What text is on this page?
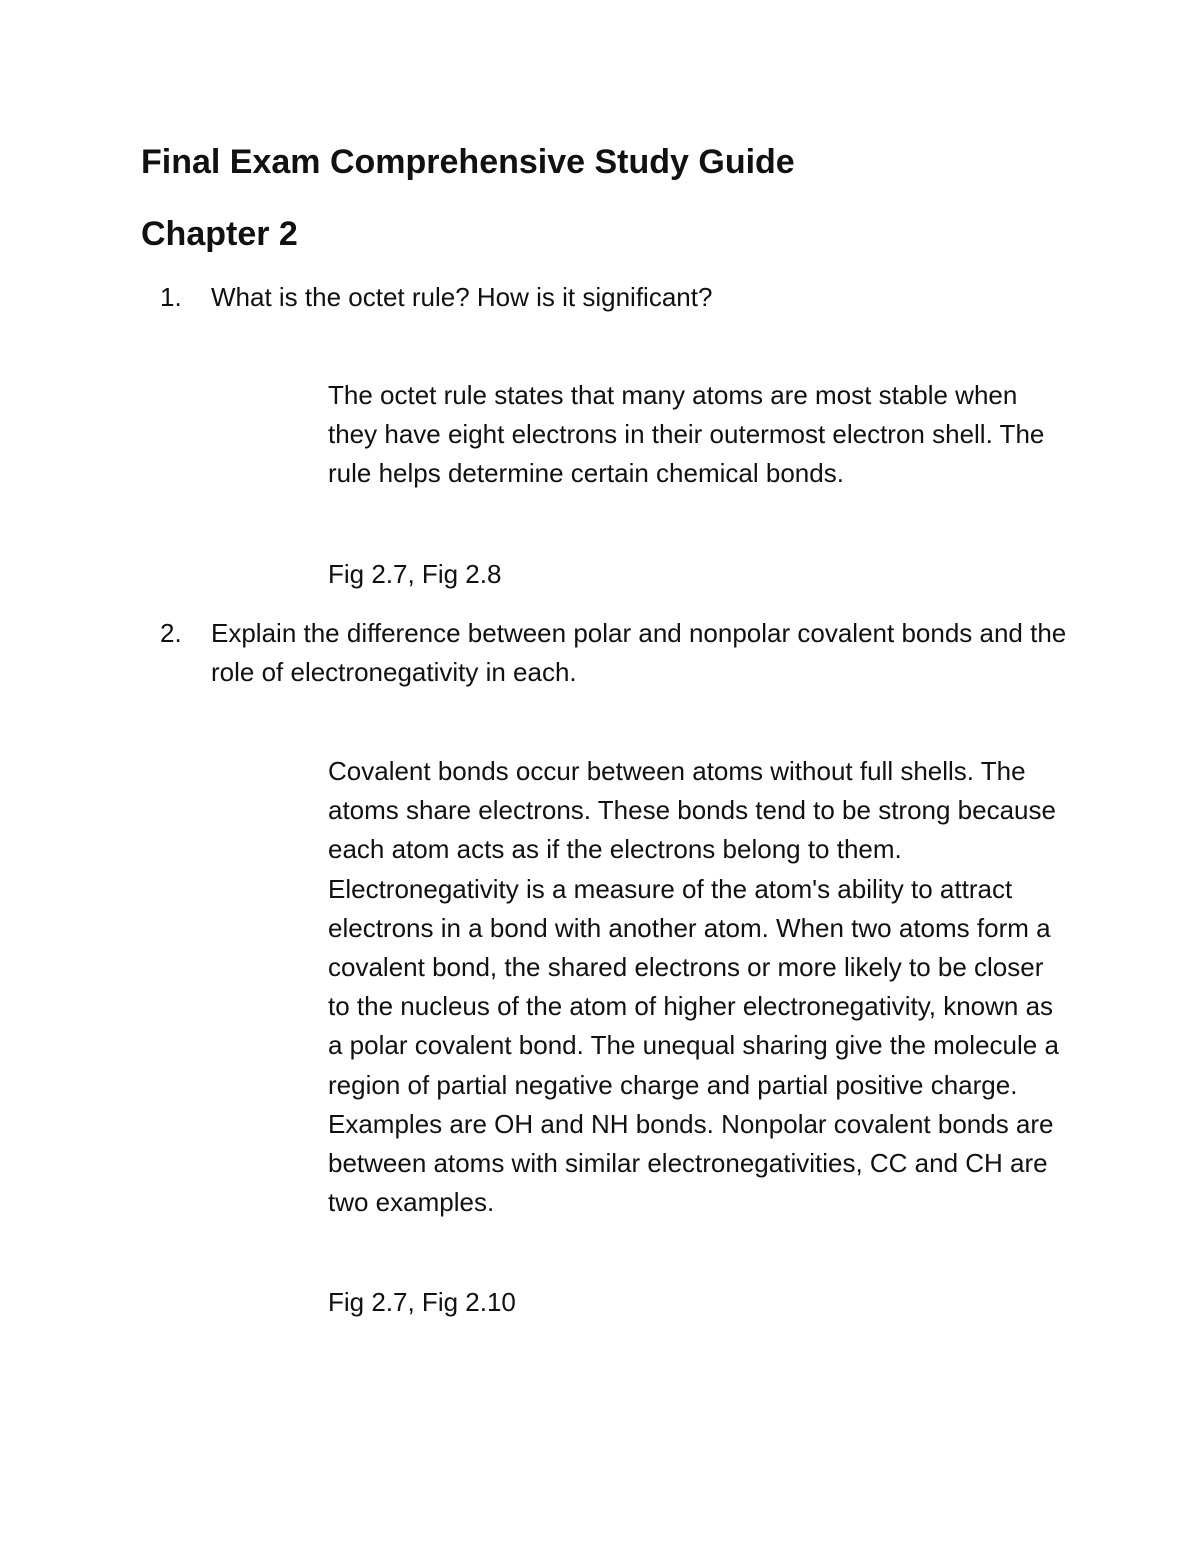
Final Exam Comprehensive Study Guide
Chapter 2

1. What is the octet rule? How is it significant?

The octet rule states that many atoms are most stable when they have eight electrons in their outermost electron shell. The rule helps determine certain chemical bonds.

Fig 2.7, Fig 2.8

2. Explain the difference between polar and nonpolar covalent bonds and the role of electronegativity in each.

Covalent bonds occur between atoms without full shells. The atoms share electrons. These bonds tend to be strong because each atom acts as if the electrons belong to them. Electronegativity is a measure of the atom's ability to attract electrons in a bond with another atom. When two atoms form a covalent bond, the shared electrons or more likely to be closer to the nucleus of the atom of higher electronegativity, known as a polar covalent bond. The unequal sharing give the molecule a region of partial negative charge and partial positive charge. Examples are OH and NH bonds. Nonpolar covalent bonds are between atoms with similar electronegativities, CC and CH are two examples.

Fig 2.7, Fig 2.10
